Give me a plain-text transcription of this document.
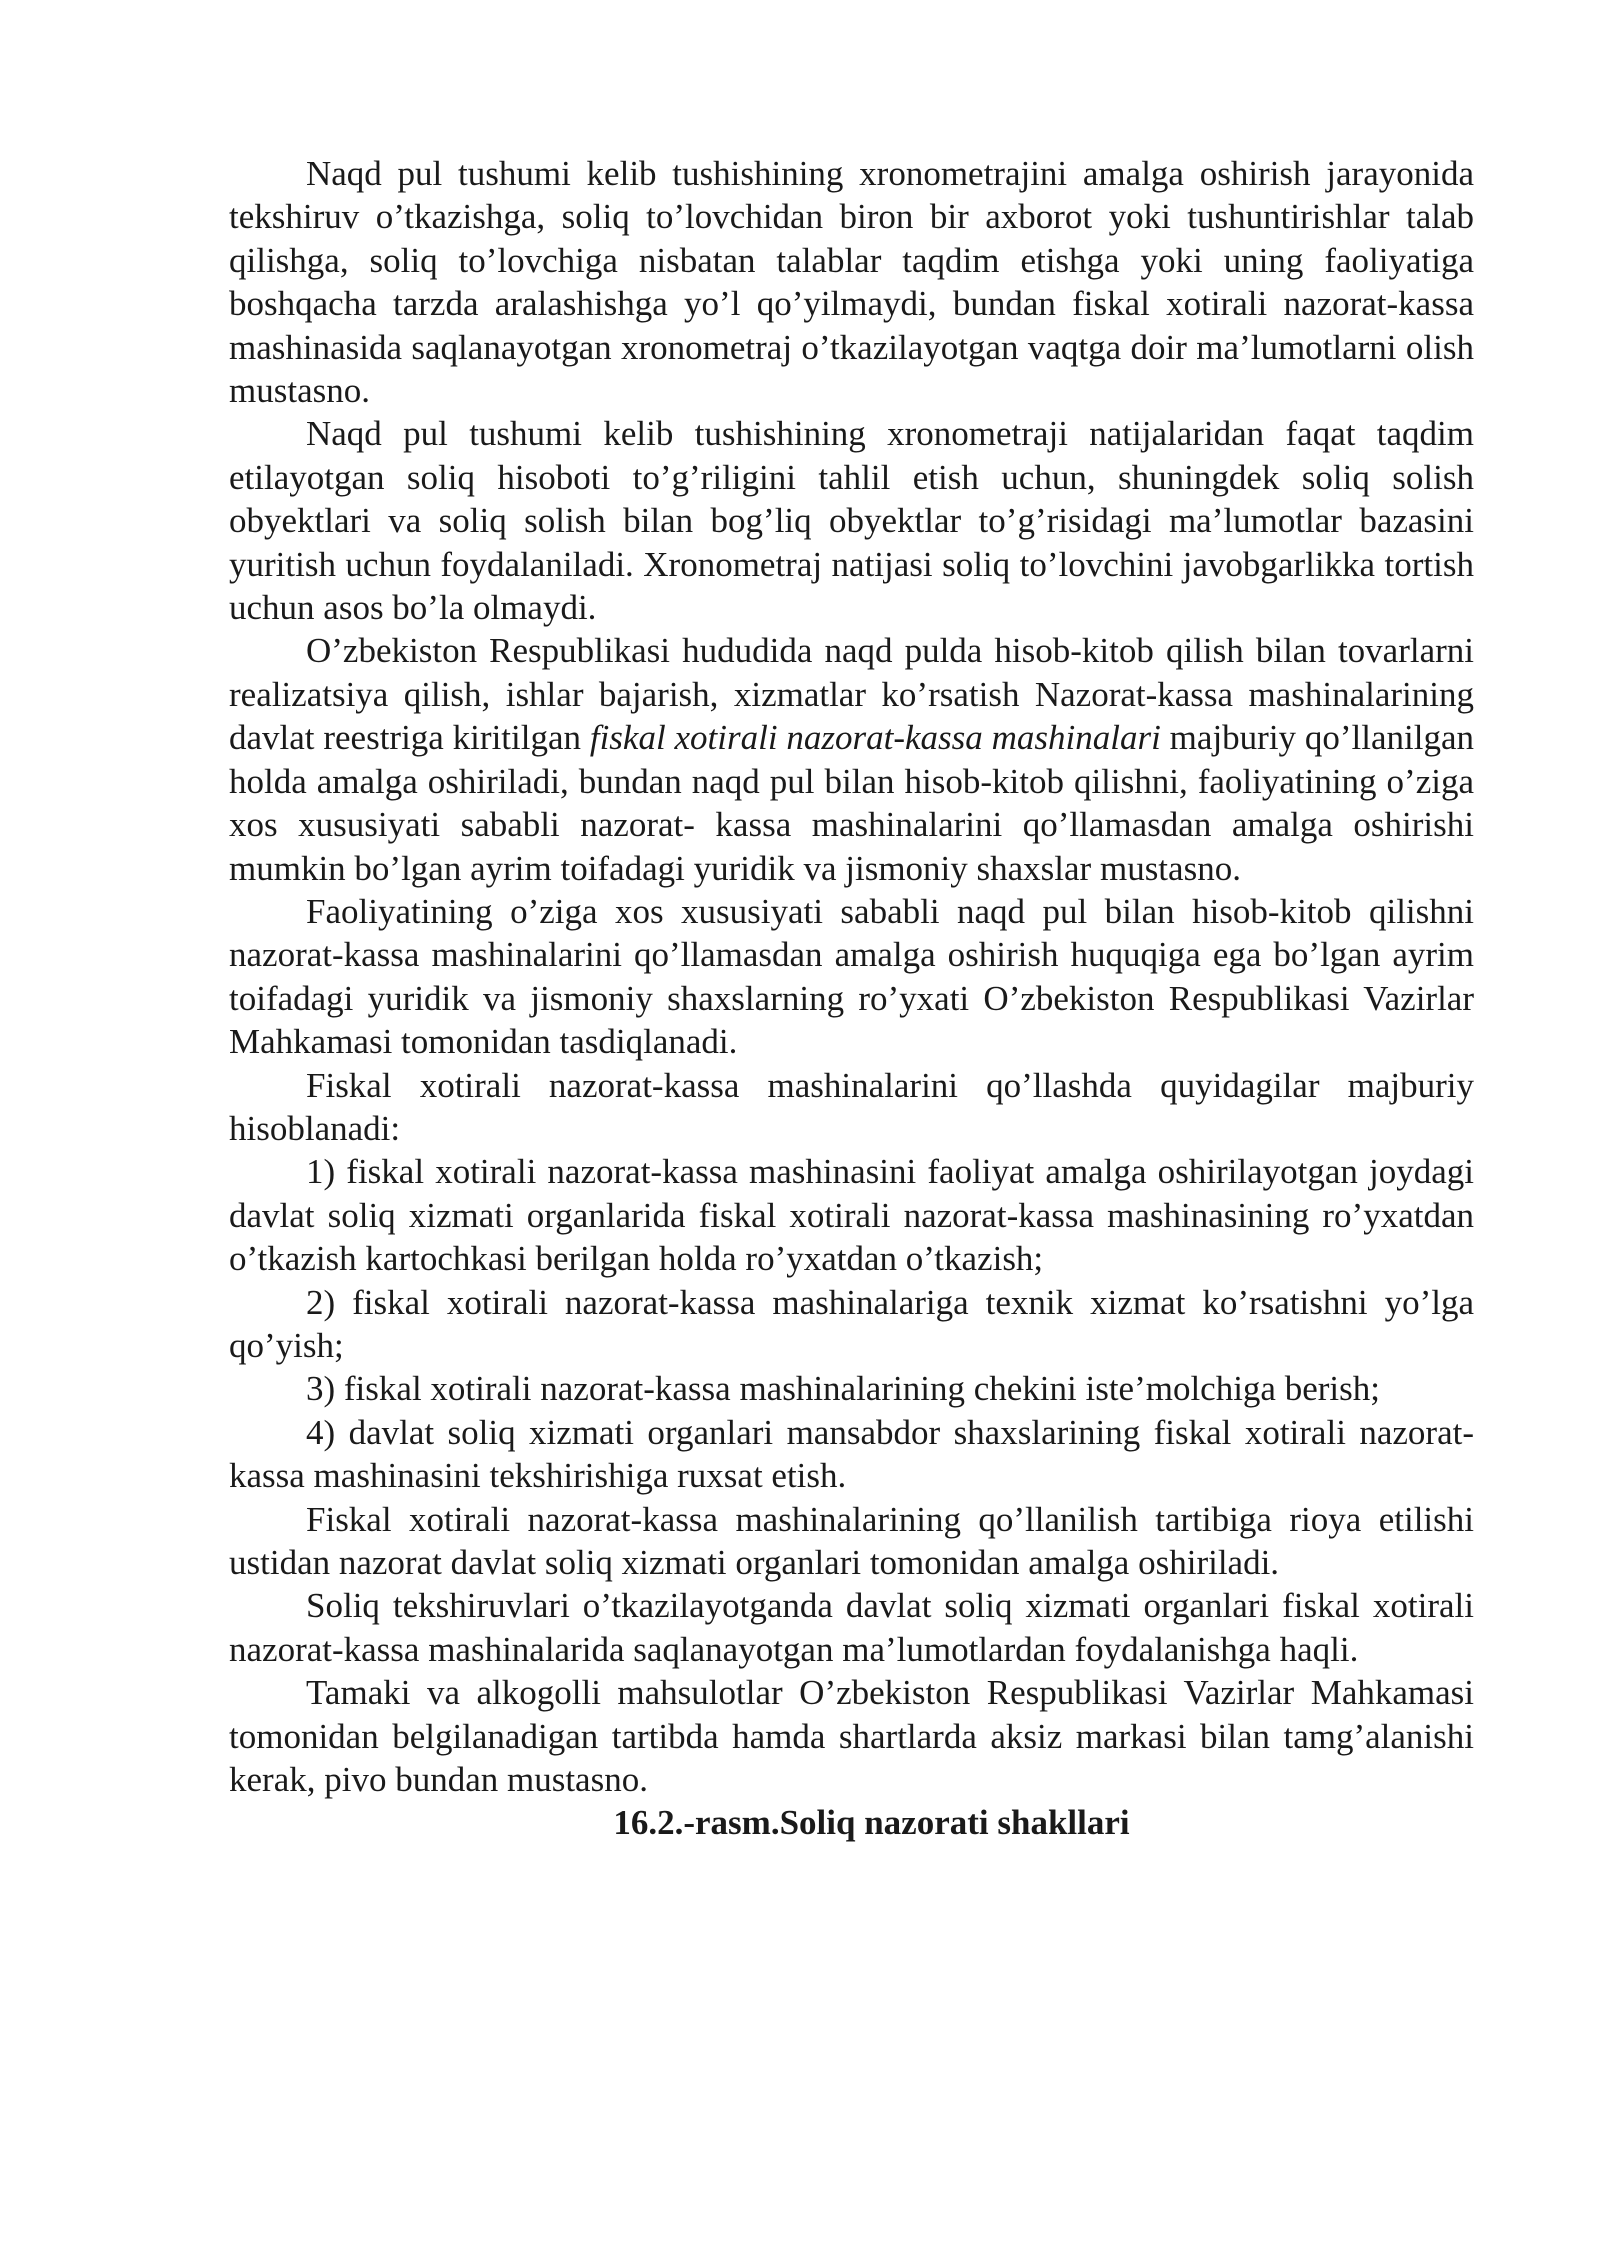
Naqd pul tushumi kelib tushishining xronometrajini amalga oshirish jarayonida tekshiruv o’tkazishga, soliq to’lovchidan biron bir axborot yoki tushuntirishlar talab qilishga, soliq to’lovchiga nisbatan talablar taqdim etishga yoki uning faoliyatiga boshqacha tarzda aralashishga yo’l qo’yilmaydi, bundan fiskal xotirali nazorat-kassa mashinasida saqlanayotgan xronometraj o’tkazilayotgan vaqtga doir ma’lumotlarni olish mustasno.

Naqd pul tushumi kelib tushishining xronometraji natijalaridan faqat taqdim etilayotgan soliq hisoboti to’g’riligini tahlil etish uchun, shuningdek soliq solish obyektlari va soliq solish bilan bog’liq obyektlar to’g’risidagi ma’lumotlar bazasini yuritish uchun foydalaniladi. Xronometraj natijasi soliq to’lovchini javobgarlikka tortish uchun asos bo’la olmaydi.

O’zbekiston Respublikasi hududida naqd pulda hisob-kitob qilish bilan tovarlarni realizatsiya qilish, ishlar bajarish, xizmatlar ko’rsatish Nazorat-kassa mashinalarining davlat reestriga kiritilgan fiskal xotirali nazorat-kassa mashinalari majburiy qo’llanilgan holda amalga oshiriladi, bundan naqd pul bilan hisob-kitob qilishni, faoliyatining o’ziga xos xususiyati sababli nazorat- kassa mashinalarini qo’llamasdan amalga oshirishi mumkin bo’lgan ayrim toifadagi yuridik va jismoniy shaxslar mustasno.

Faoliyatining o’ziga xos xususiyati sababli naqd pul bilan hisob-kitob qilishni nazorat-kassa mashinalarini qo’llamasdan amalga oshirish huquqiga ega bo’lgan ayrim toifadagi yuridik va jismoniy shaxslarning ro’yxati O’zbekiston Respublikasi Vazirlar Mahkamasi tomonidan tasdiqlanadi.

Fiskal xotirali nazorat-kassa mashinalarini qo’llashda quyidagilar majburiy hisoblanadi:

1) fiskal xotirali nazorat-kassa mashinasini faoliyat amalga oshirilayotgan joydagi davlat soliq xizmati organlarida fiskal xotirali nazorat-kassa mashinasining ro’yxatdan o’tkazish kartochkasi berilgan holda ro’yxatdan o’tkazish;

2) fiskal xotirali nazorat-kassa mashinalariga texnik xizmat ko’rsatishni yo’lga qo’yish;

3) fiskal xotirali nazorat-kassa mashinalarining chekini iste’molchiga berish;

4) davlat soliq xizmati organlari mansabdor shaxslarining fiskal xotirali nazorat-kassa mashinasini tekshirishiga ruxsat etish.

Fiskal xotirali nazorat-kassa mashinalarining qo’llanilish tartibiga rioya etilishi ustidan nazorat davlat soliq xizmati organlari tomonidan amalga oshiriladi.

Soliq tekshiruvlari o’tkazilayotganda davlat soliq xizmati organlari fiskal xotirali nazorat-kassa mashinalarida saqlanayotgan ma’lumotlardan foydalanishga haqli.

Tamaki va alkogolli mahsulotlar O’zbekiston Respublikasi Vazirlar Mahkamasi tomonidan belgilanadigan tartibda hamda shartlarda aksiz markasi bilan tamg’alanishi kerak, pivo bundan mustasno.

16.2.-rasm.Soliq nazorati shakllari
